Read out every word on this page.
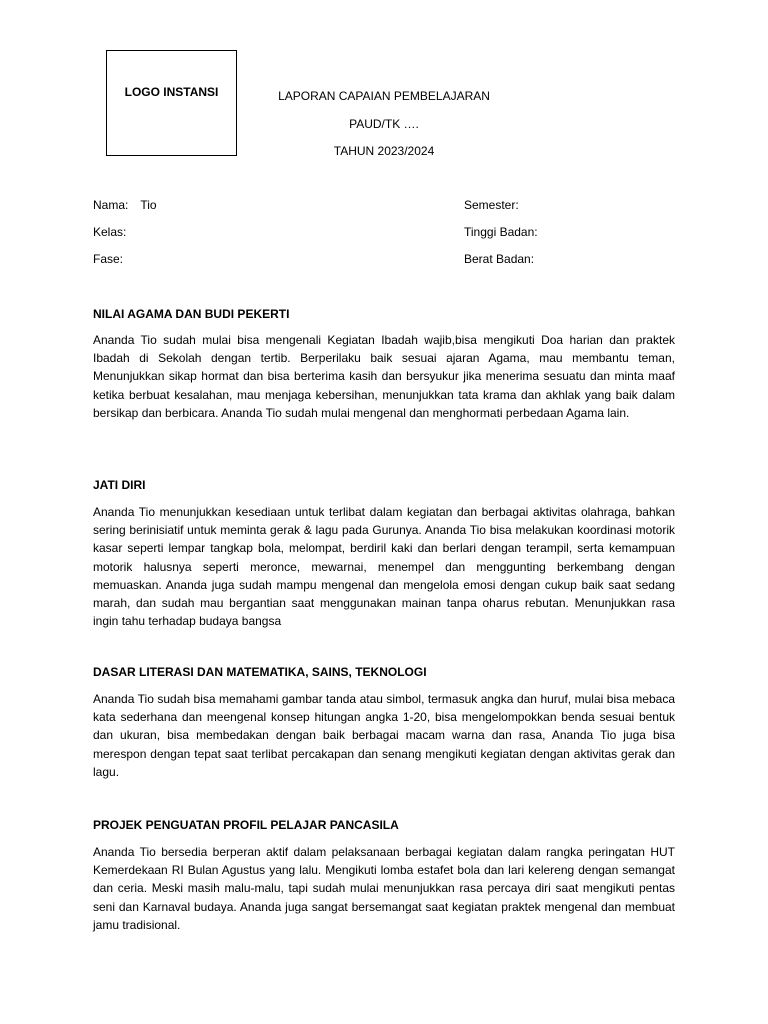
LOGO INSTANSI	LAPORAN CAPAIAN PEMBELAJARAN
PAUD/TK ….
TAHUN 2023/2024
Nama: Tio
Kelas:
Fase:
Semester:
Tinggi Badan:
Berat Badan:
NILAI AGAMA DAN BUDI PEKERTI

Ananda Tio sudah mulai bisa mengenali Kegiatan Ibadah wajib,bisa mengikuti Doa harian dan praktek Ibadah di Sekolah dengan tertib. Berperilaku baik sesuai ajaran Agama, mau membantu teman, Menunjukkan sikap hormat dan bisa berterima kasih dan bersyukur jika menerima sesuatu dan minta maaf ketika berbuat kesalahan, mau menjaga kebersihan, menunjukkan tata krama dan akhlak yang baik dalam bersikap dan berbicara. Ananda Tio sudah mulai mengenal dan menghormati perbedaan Agama lain.

JATI DIRI

Ananda Tio menunjukkan kesediaan untuk terlibat dalam kegiatan dan berbagai aktivitas olahraga, bahkan sering berinisiatif untuk meminta gerak & lagu pada Gurunya. Ananda Tio bisa melakukan koordinasi motorik kasar seperti lempar tangkap bola, melompat, berdiril kaki dan berlari dengan terampil, serta kemampuan motorik halusnya seperti meronce, mewarnai, menempel dan menggunting berkembang dengan memuaskan. Ananda juga sudah mampu mengenal dan mengelola emosi dengan cukup baik saat sedang marah, dan sudah mau bergantian saat menggunakan mainan tanpa oharus rebutan. Menunjukkan rasa ingin tahu terhadap budaya bangsa

DASAR LITERASI DAN MATEMATIKA, SAINS, TEKNOLOGI

Ananda Tio sudah bisa memahami gambar tanda atau simbol, termasuk angka dan huruf, mulai bisa mebaca kata sederhana dan meengenal konsep hitungan angka 1-20, bisa mengelompokkan benda sesuai bentuk dan ukuran, bisa membedakan dengan baik berbagai macam warna dan rasa, Ananda Tio juga bisa merespon dengan tepat saat terlibat percakapan dan senang mengikuti kegiatan dengan aktivitas gerak dan lagu.

PROJEK PENGUATAN PROFIL PELAJAR PANCASILA

Ananda Tio bersedia berperan aktif dalam pelaksanaan berbagai kegiatan dalam rangka peringatan HUT Kemerdekaan RI Bulan Agustus yang lalu. Mengikuti lomba estafet bola dan lari kelereng dengan semangat dan ceria. Meski masih malu-malu, tapi sudah mulai menunjukkan rasa percaya diri saat mengikuti pentas seni dan Karnaval budaya. Ananda juga sangat bersemangat saat kegiatan praktek mengenal dan membuat jamu tradisional.
